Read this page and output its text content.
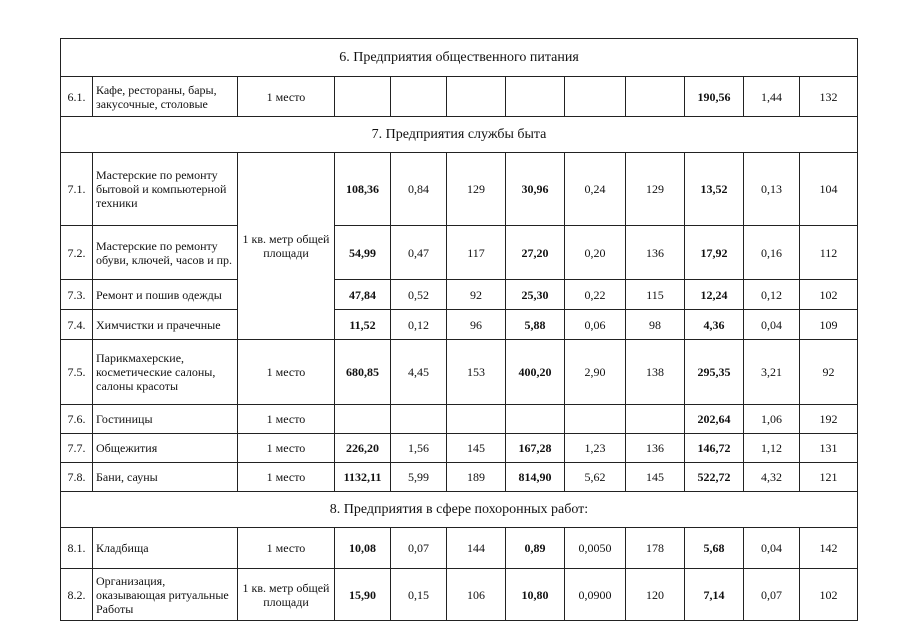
6. Предприятия общественного питания											
6.1.	Кафе, рестораны, бары, закусочные, столовые	1 место							190,56	1,44	132
7. Предприятия службы быта											
7.1.	Мастерские по ремонту бытовой и компьютерной техники	1 кв. метр общей площади	108,36	0,84	129	30,96	0,24	129	13,52	0,13	104
7.2.	Мастерские по ремонту обуви, ключей, часов и пр.		54,99	0,47	117	27,20	0,20	136	17,92	0,16	112
7.3.	Ремонт и пошив одежды		47,84	0,52	92	25,30	0,22	115	12,24	0,12	102
7.4.	Химчистки и прачечные		11,52	0,12	96	5,88	0,06	98	4,36	0,04	109
7.5.	Парикмахерские, косметические салоны, салоны красоты	1 место	680,85	4,45	153	400,20	2,90	138	295,35	3,21	92
7.6.	Гостиницы	1 место							202,64	1,06	192
7.7.	Общежития	1 место	226,20	1,56	145	167,28	1,23	136	146,72	1,12	131
7.8.	Бани, сауны	1 место	1132,11	5,99	189	814,90	5,62	145	522,72	4,32	121
8. Предприятия в сфере похоронных работ:											
8.1.	Кладбища	1 место	10,08	0,07	144	0,89	0,0050	178	5,68	0,04	142
8.2.	Организация, оказывающая ритуальные Работы	1 кв. метр общей площади	15,90	0,15	106	10,80	0,0900	120	7,14	0,07	102
